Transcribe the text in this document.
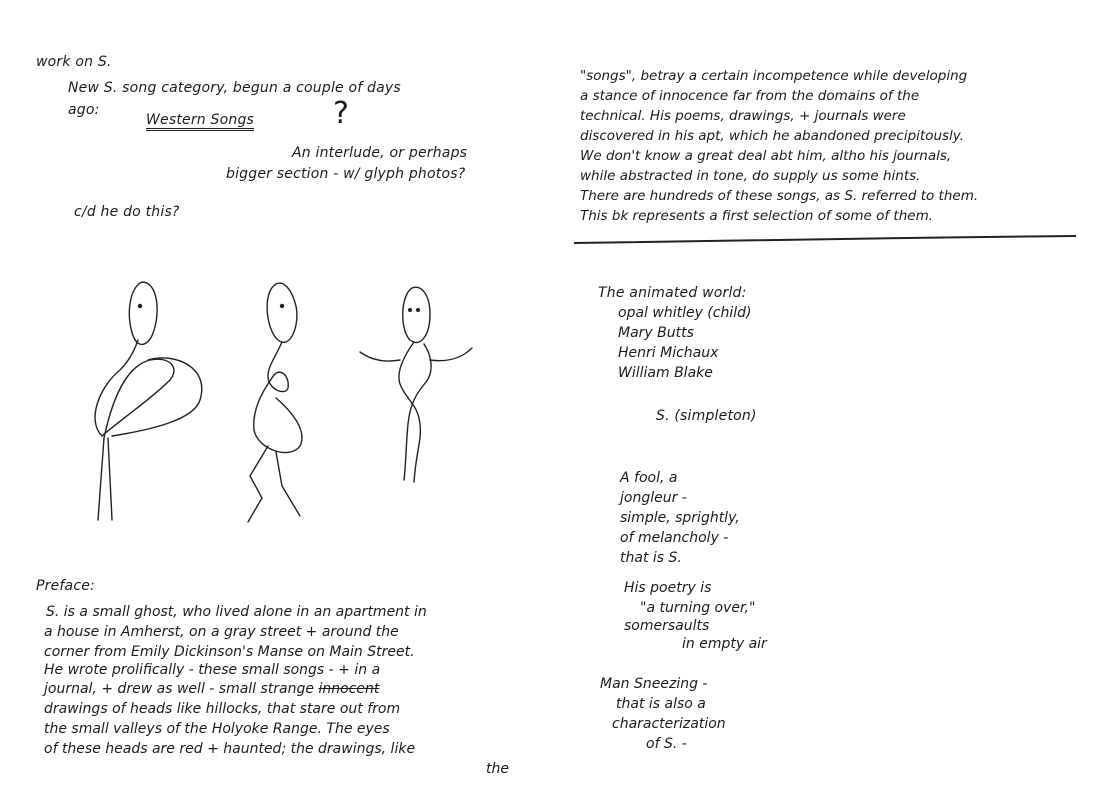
work on S.
New S. song category, begun a couple of days
ago:
Western Songs	?
An interlude, or perhaps
bigger section - w/ glyph photos?
c/d he do this?
Preface:
S. is a small ghost, who lived alone in an apartment in
a house in Amherst, on a gray street + around the
corner from Emily Dickinson's Manse on Main Street.
He wrote prolifically - these small songs - + in a
journal, + drew as well - small strange innocent
drawings of heads like hillocks, that stare out from
the small valleys of the Holyoke Range. The eyes
of these heads are red + haunted; the drawings, like
the
"songs", betray a certain incompetence while developing
a stance of innocence far from the domains of the
technical. His poems, drawings, + journals were
discovered in his apt, which he abandoned precipitously.
We don't know a great deal abt him, altho his journals,
while abstracted in tone, do supply us some hints.
There are hundreds of these songs, as S. referred to them.
This bk represents a first selection of some of them.
The animated world:
opal whitley (child)
Mary Butts
Henri Michaux
William Blake
S. (simpleton)
A fool, a
jongleur -
simple, sprightly,
of melancholy -
that is S.
His poetry is
"a turning over,"
somersaults
in empty air
Man Sneezing -
that is also a
characterization
of S. -
